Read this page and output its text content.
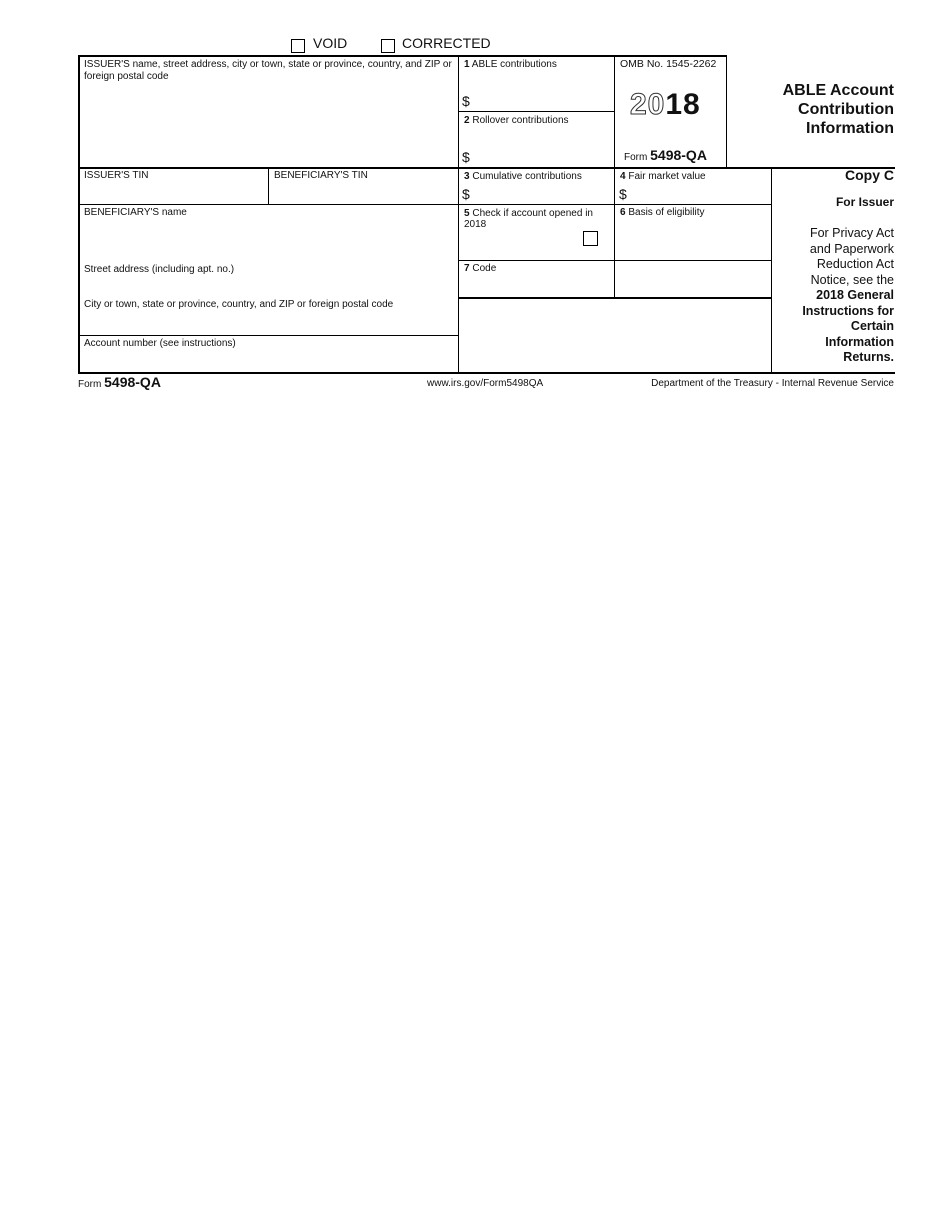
VOID	CORRECTED
ISSUER'S name, street address, city or town, state or province, country, and ZIP or foreign postal code
1 ABLE contributions
$
2 Rollover contributions
$
OMB No. 1545-2262
2018
Form 5498-QA
ABLE Account
Contribution
Information
ISSUER'S TIN	BENEFICIARY'S TIN	3 Cumulative contributions
$
4 Fair market value
$
Copy C
For Issuer
For Privacy Act
and Paperwork
Reduction Act
Notice, see the
2018 General
Instructions for
Certain
Information
Returns.
BENEFICIARY'S name
Street address (including apt. no.)
City or town, state or province, country, and ZIP or foreign postal code
Account number (see instructions)
5 Check if account opened in 2018
6 Basis of eligibility
7 Code
Form 5498-QA	www.irs.gov/Form5498QA	Department of the Treasury - Internal Revenue Service
